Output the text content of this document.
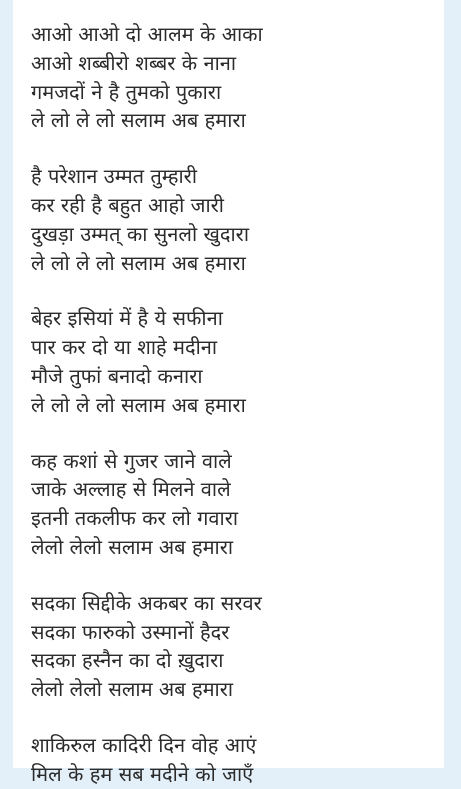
आओ आओ दो आलम के आका

आओ शब्बीरो शब्बर के नाना

गमजदों ने है तुमको पुकारा

ले लो ले लो सलाम अब हमारा

है परेशान उम्मत तुम्हारी

कर रही है बहुत आहो जारी

दुखड़ा उम्मत् का सुनलो खुदारा

ले लो ले लो सलाम अब हमारा

बेहर इसियां में है ये सफीना

पार कर दो या शाहे मदीना

मौजे तुफां बनादो कनारा

ले लो ले लो सलाम अब हमारा

कह कशां से गुजर जाने वाले

जाके अल्लाह से मिलने वाले

इतनी तकलीफ कर लो गवारा

लेलो लेलो सलाम अब हमारा

सदका सिद्दीके अकबर का सरवर

सदका फारुको उस्मानों हैदर

सदका हस्नैन का दो ख़ुदारा

लेलो लेलो सलाम अब हमारा

शाकिरुल कादिरी दिन वोह आएं

मिल के हम सब मदीने को जाएँ
